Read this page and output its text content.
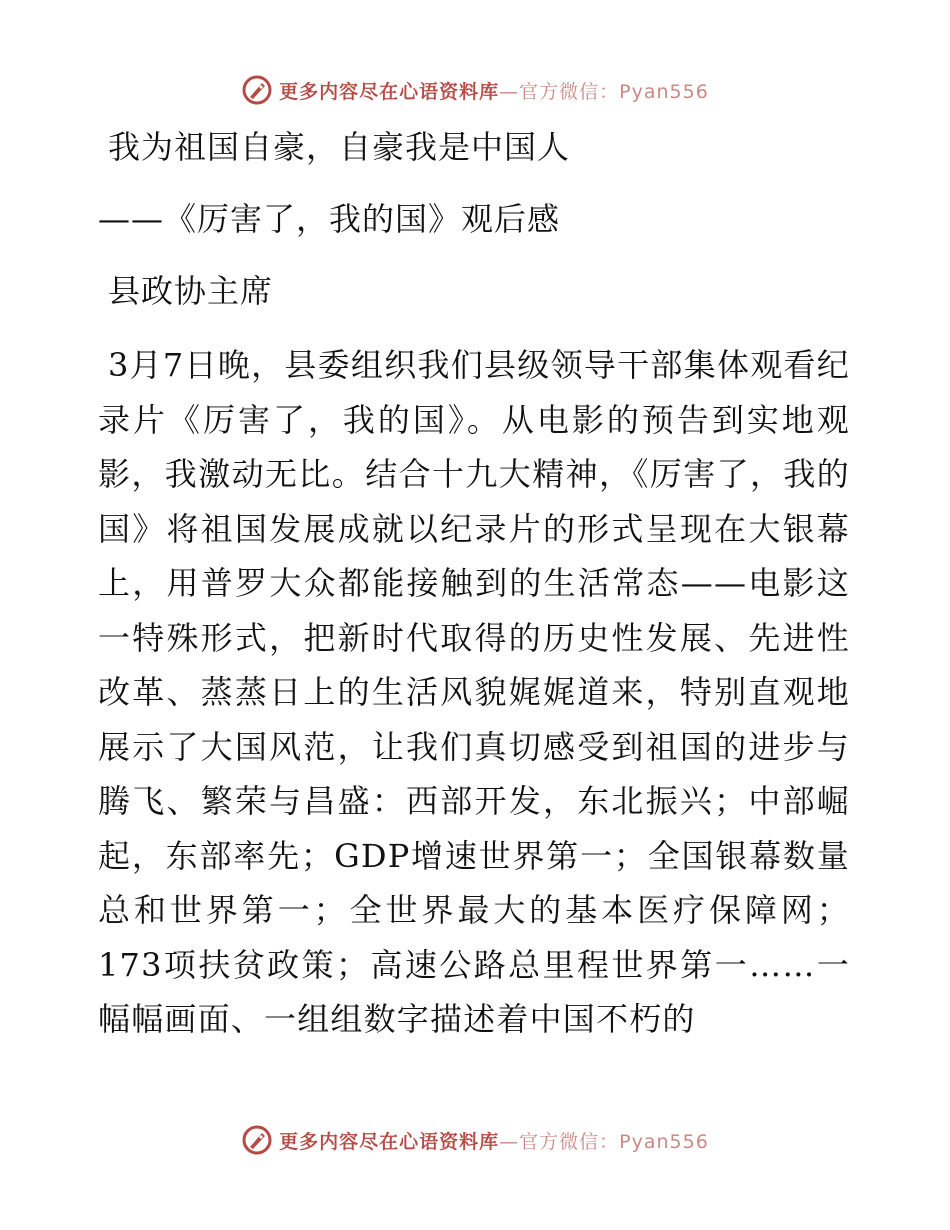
更多内容尽在心语资料库—官方微信：Pyan556
我为祖国自豪，自豪我是中国人
——《厉害了，我的国》观后感
县政协主席

3月7日晚，县委组织我们县级领导干部集体观看纪录片《厉害了，我的国》。从电影的预告到实地观影，我激动无比。结合十九大精神，《厉害了，我的国》将祖国发展成就以纪录片的形式呈现在大银幕上，用普罗大众都能接触到的生活常态——电影这一特殊形式，把新时代取得的历史性发展、先进性改革、蒸蒸日上的生活风貌娓娓道来，特别直观地展示了大国风范，让我们真切感受到祖国的进步与腾飞、繁荣与昌盛：西部开发，东北振兴；中部崛起，东部率先；GDP增速世界第一；全国银幕数量总和世界第一；全世界最大的基本医疗保障网；173项扶贫政策；高速公路总里程世界第一……一幅幅画面、一组组数字描述着中国不朽的

更多内容尽在心语资料库—官方微信：Pyan556
